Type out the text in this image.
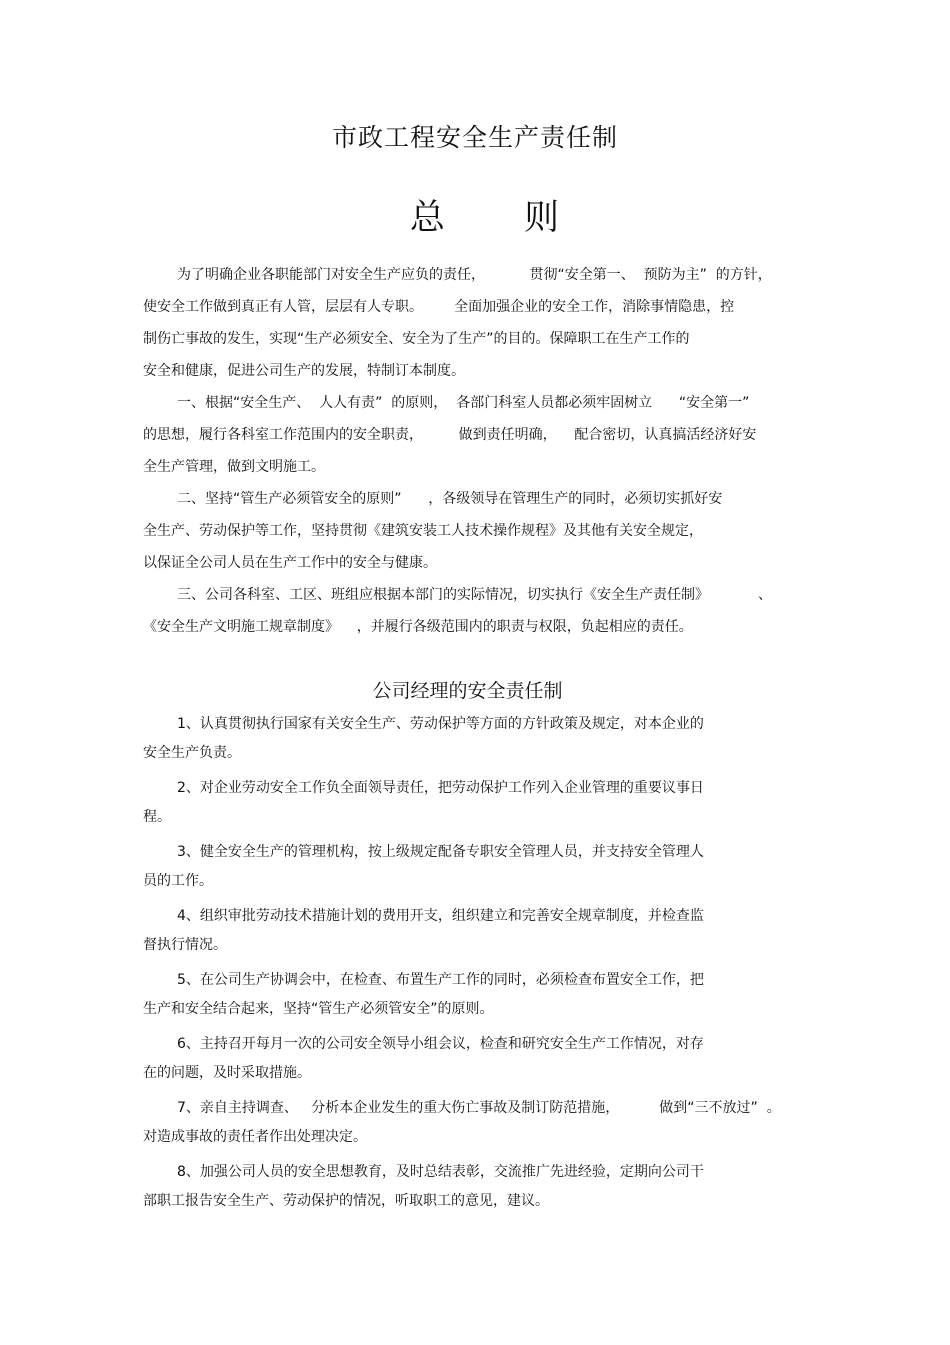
市政工程安全生产责任制
总 则

为了明确企业各职能部门对安全生产应负的责任，          贯彻“安全第一、  预防为主”  的方针，

使安全工作做到真正有人管，层层有人专职。       全面加强企业的安全工作，消除事情隐患，控

制伤亡事故的发生，实现“生产必须安全、安全为了生产”的目的。保障职工在生产工作的

安全和健康，促进公司生产的发展，特制订本制度。

一、根据“安全生产、  人人有责”  的原则，  各部门科室人员都必须牢固树立      “安全第一”

的思想，履行各科室工作范围内的安全职责，        做到责任明确，    配合密切，认真搞活经济好安

全生产管理，做到文明施工。

二、坚持“管生产必须管安全的原则”      ，各级领导在管理生产的同时，必须切实抓好安

全生产、劳动保护等工作，坚持贯彻《建筑安装工人技术操作规程》及其他有关安全规定，

以保证全公司人员在生产工作中的安全与健康。

三、公司各科室、工区、班组应根据本部门的实际情况，切实执行《安全生产责任制》           、

《安全生产文明施工规章制度》    ，并履行各级范围内的职责与权限，负起相应的责任。

公司经理的安全责任制

1、认真贯彻执行国家有关安全生产、劳动保护等方面的方针政策及规定，对本企业的

安全生产负责。

2、对企业劳动安全工作负全面领导责任，把劳动保护工作列入企业管理的重要议事日

程。

3、健全安全生产的管理机构，按上级规定配备专职安全管理人员，并支持安全管理人

员的工作。

4、组织审批劳动技术措施计划的费用开支，组织建立和完善安全规章制度，并检查监

督执行情况。

5、在公司生产协调会中，在检查、布置生产工作的同时，必须检查布置安全工作，把

生产和安全结合起来，坚持“管生产必须管安全”的原则。

6、主持召开每月一次的公司安全领导小组会议，检查和研究安全生产工作情况，对存

在的问题，及时采取措施。

7、亲自主持调查、   分析本企业发生的重大伤亡事故及制订防范措施，         做到“三不放过”  。

对造成事故的责任者作出处理决定。

8、加强公司人员的安全思想教育，及时总结表彰，交流推广先进经验，定期向公司干

部职工报告安全生产、劳动保护的情况，听取职工的意见，建议。
